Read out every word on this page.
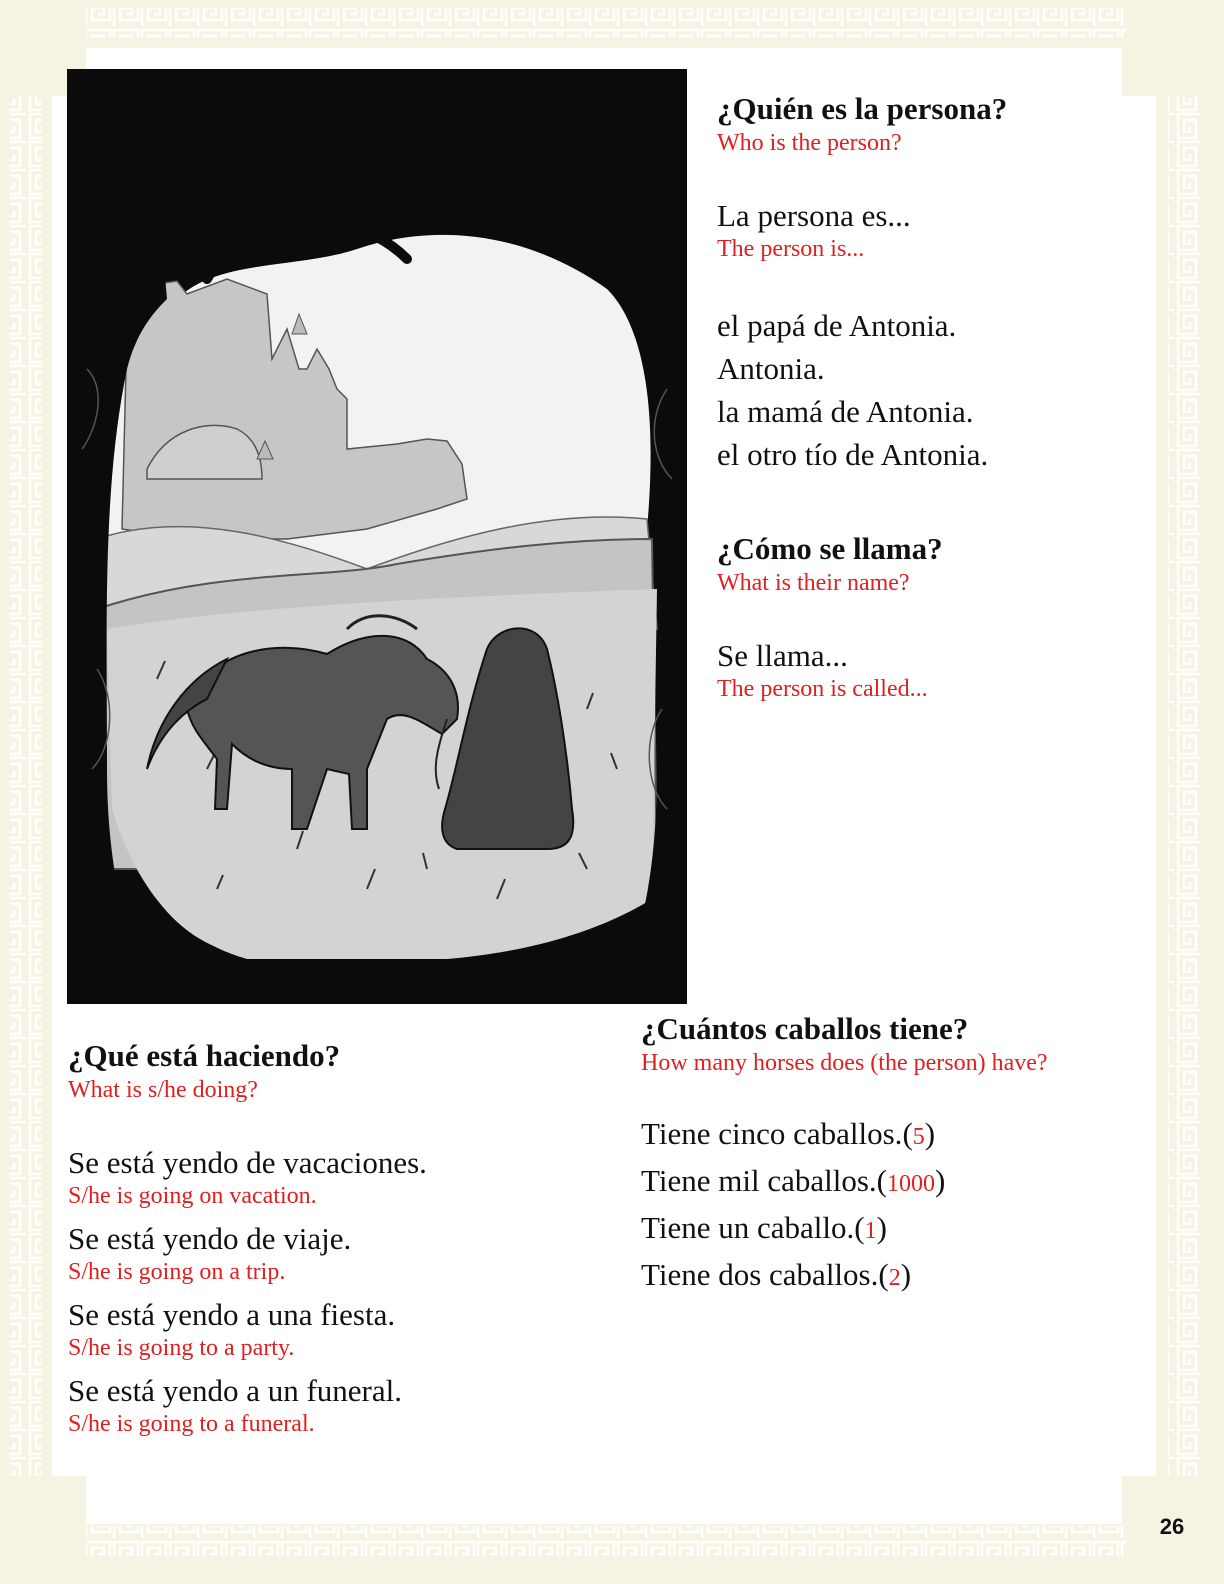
¿Quién es la persona?
Who is the person?
La persona es...
The person is...
el papá de Antonia.
Antonia.
la mamá de Antonia.
el otro tío de Antonia.
¿Cómo se llama?
What is their name?
Se llama...
The person is called...
¿Qué está haciendo?
What is s/he doing?
Se está yendo de vacaciones.
S/he is going on vacation.
Se está yendo de viaje.
S/he is going on a trip.
Se está yendo a una fiesta.
S/he is going to a party.
Se está yendo a un funeral.
S/he is going to a funeral.
¿Cuántos caballos tiene?
How many horses does (the person) have?
Tiene cinco caballos.(5)
Tiene mil caballos.(1000)
Tiene un caballo.(1)
Tiene dos caballos.(2)
26
